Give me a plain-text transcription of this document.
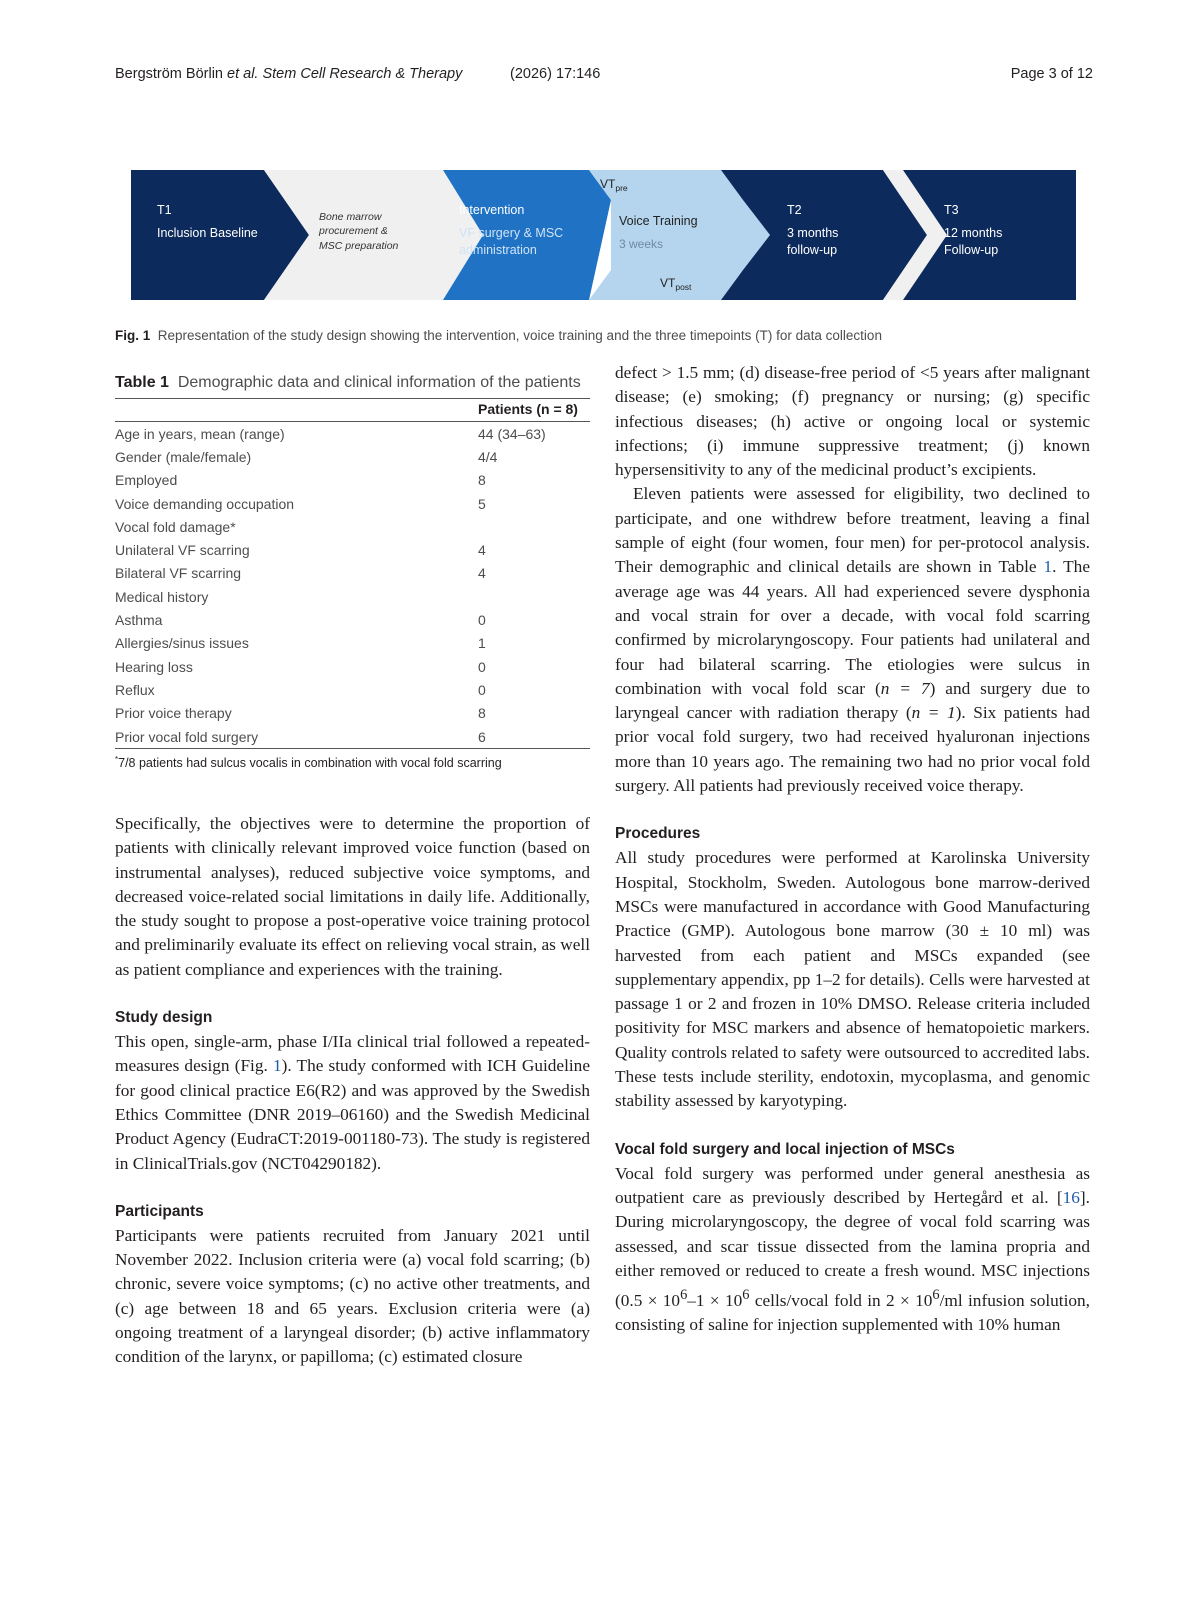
Bergström Börlin et al. Stem Cell Research & Therapy	(2026) 17:146	Page 3 of 12
T1
Inclusion Baseline
Bone marrow
procurement &
MSC preparation
Intervention
VF surgery & MSC
administration
$VT_{pre}$
Voice Training
3 weeks
$VT_{post}$
T2
3 months
follow-up
T3
12 months
Follow-up
Fig. 1 Representation of the study design showing the intervention, voice training and the three timepoints (T) for data collection
Table 1 Demographic data and clinical information of the patients
Patients (n = 8)	
Age in years, mean (range)	44 (34–63)
Gender (male/female)	4/4
Employed	8
Voice demanding occupation	5
Vocal fold damage*	
Unilateral VF scarring	4
Bilateral VF scarring	4
Medical history	
Asthma	0
Allergies/sinus issues	1
Hearing loss	0
Reflux	0
Prior voice therapy	8
Prior vocal fold surgery	6
*7/8 patients had sulcus vocalis in combination with vocal fold scarring

Specifically, the objectives were to determine the proportion of patients with clinically relevant improved voice function (based on instrumental analyses), reduced subjective voice symptoms, and decreased voice-related social limitations in daily life. Additionally, the study sought to propose a post-operative voice training protocol and preliminarily evaluate its effect on relieving vocal strain, as well as patient compliance and experiences with the training.

Study design

This open, single-arm, phase I/IIa clinical trial followed a repeated-measures design (Fig. 1). The study conformed with ICH Guideline for good clinical practice E6(R2) and was approved by the Swedish Ethics Committee (DNR 2019–06160) and the Swedish Medicinal Product Agency (EudraCT:2019-001180-73). The study is registered in ClinicalTrials.gov (NCT04290182).

Participants

Participants were patients recruited from January 2021 until November 2022. Inclusion criteria were (a) vocal fold scarring; (b) chronic, severe voice symptoms; (c) no active other treatments, and (c) age between 18 and 65 years. Exclusion criteria were (a) ongoing treatment of a laryngeal disorder; (b) active inflammatory condition of the larynx, or papilloma; (c) estimated closure

defect > 1.5 mm; (d) disease-free period of <5 years after malignant disease; (e) smoking; (f) pregnancy or nursing; (g) specific infectious diseases; (h) active or ongoing local or systemic infections; (i) immune suppressive treatment; (j) known hypersensitivity to any of the medicinal product’s excipients.

Eleven patients were assessed for eligibility, two declined to participate, and one withdrew before treatment, leaving a final sample of eight (four women, four men) for per-protocol analysis. Their demographic and clinical details are shown in Table 1. The average age was 44 years. All had experienced severe dysphonia and vocal strain for over a decade, with vocal fold scarring confirmed by microlaryngoscopy. Four patients had unilateral and four had bilateral scarring. The etiologies were sulcus in combination with vocal fold scar (n = 7) and surgery due to laryngeal cancer with radiation therapy (n = 1). Six patients had prior vocal fold surgery, two had received hyaluronan injections more than 10 years ago. The remaining two had no prior vocal fold surgery. All patients had previously received voice therapy.

Procedures

All study procedures were performed at Karolinska University Hospital, Stockholm, Sweden. Autologous bone marrow-derived MSCs were manufactured in accordance with Good Manufacturing Practice (GMP). Autologous bone marrow (30 ± 10 ml) was harvested from each patient and MSCs expanded (see supplementary appendix, pp 1–2 for details). Cells were harvested at passage 1 or 2 and frozen in 10% DMSO. Release criteria included positivity for MSC markers and absence of hematopoietic markers. Quality controls related to safety were outsourced to accredited labs. These tests include sterility, endotoxin, mycoplasma, and genomic stability assessed by karyotyping.

Vocal fold surgery and local injection of MSCs

Vocal fold surgery was performed under general anesthesia as outpatient care as previously described by Hertegård et al. [16]. During microlaryngoscopy, the degree of vocal fold scarring was assessed, and scar tissue dissected from the lamina propria and either removed or reduced to create a fresh wound. MSC injections ($0.5 \times 10^6-1 \times 10^6$ cells/vocal fold in $2 \times 10^6/ml$ infusion solution, consisting of saline for injection supplemented with 10% human
